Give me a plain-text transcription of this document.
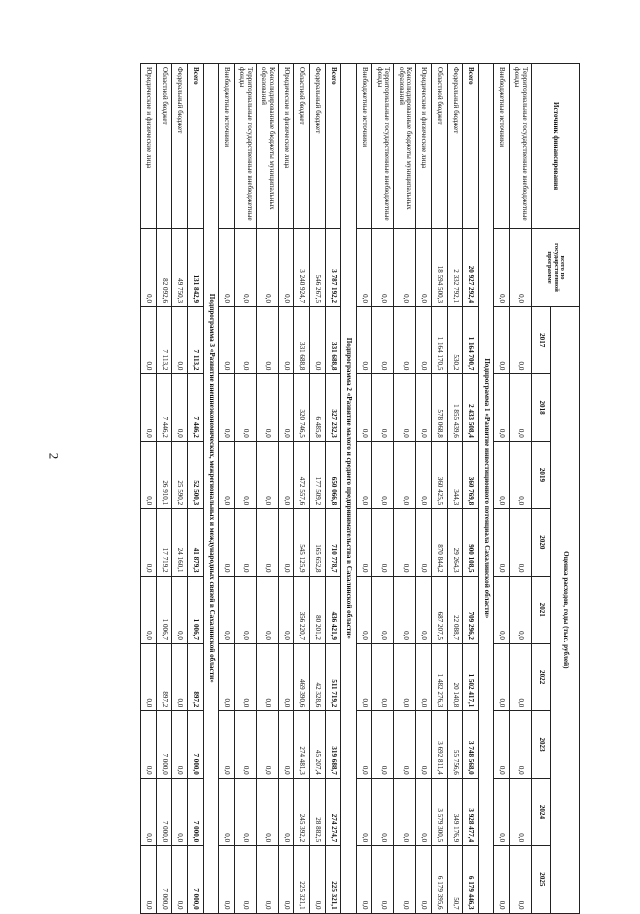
2
Источник финансирования	всего по государственной программе	Оценка расходов, годы (тыс. рублей)								
		2017	2018	2019	2020	2021	2022	2023	2024	2025
Территориальные государственные внебюджетные фонды	0,0	0,0	0,0	0,0	0,0	0,0	0,0	0,0	0,0	0,0
Внебюджетные источники	0,0	0,0	0,0	0,0	0,0	0,0	0,0	0,0	0,0	0,0
Подпрограмма 1 «Развитие инвестиционного потенциала Сахалинской области»										
Всего	20 927 292,4	1 164 700,7	2 433 508,4	360 769,8	900 108,5	709 296,2	1 502 417,1	3 748 568,0	3 928 477,4	6 179 446,3
Федеральный бюджет	2 332 792,1	530,2	1 855 439,6	344,3	29 264,3	22 088,7	20 140,8	55 756,6	349 176,9	50,7
Областной бюджет	18 594 500,3	1 164 170,5	578 068,8	360 425,5	870 844,2	687 207,5	1 482 276,3	3 692 811,4	3 579 300,5	6 179 395,6
Юридические и физические лица	0,0	0,0	0,0	0,0	0,0	0,0	0,0	0,0	0,0	0,0
Консолидированные бюджеты муниципальных образований	0,0	0,0	0,0	0,0	0,0	0,0	0,0	0,0	0,0	0,0
Территориальные государственные внебюджетные фонды	0,0	0,0	0,0	0,0	0,0	0,0	0,0	0,0	0,0	0,0
Внебюджетные источники	0,0	0,0	0,0	0,0	0,0	0,0	0,0	0,0	0,0	0,0
Подпрограмма 2 «Развитие малого и среднего предпринимательства в Сахалинской области»										
Всего	3 787 192,2	331 688,8	327 232,3	650 066,8	710 778,7	436 421,9	511 719,2	319 688,7	274 274,7	225 321,1
Федеральный бюджет	546 267,5	0,0	6 485,8	177 509,2	165 652,8	80 201,2	42 328,6	45 207,4	28 882,5	0,0
Областной бюджет	3 240 924,7	331 688,8	320 746,5	472 557,6	545 125,9	356 220,7	469 390,6	274 481,3	245 392,2	225 321,1
Юридические и физические лица	0,0	0,0	0,0	0,0	0,0	0,0	0,0	0,0	0,0	0,0
Консолидированные бюджеты муниципальных образований	0,0	0,0	0,0	0,0	0,0	0,0	0,0	0,0	0,0	0,0
Территориальные государственные внебюджетные фонды	0,0	0,0	0,0	0,0	0,0	0,0	0,0	0,0	0,0	0,0
Внебюджетные источники	0,0	0,0	0,0	0,0	0,0	0,0	0,0	0,0	0,0	0,0
Подпрограмма 3 «Развитие внешнеэкономических, межрегиональных и международных связей в Сахалинской области»										
Всего	131 842,9	7 113,2	7 446,2	52 500,3	41 879,3	1 006,7	897,2	7 000,0	7 000,0	7 000,0
Федеральный бюджет	49 750,3	0,0	0,0	25 590,2	24 160,1	0,0	0,0	0,0	0,0	0,0
Областной бюджет	82 092,6	7 113,2	7 446,2	26 910,1	17 719,2	1 006,7	897,2	7 000,0	7 000,0	7 000,0
Юридические и физические лица	0,0	0,0	0,0	0,0	0,0	0,0	0,0	0,0	0,0	0,0
